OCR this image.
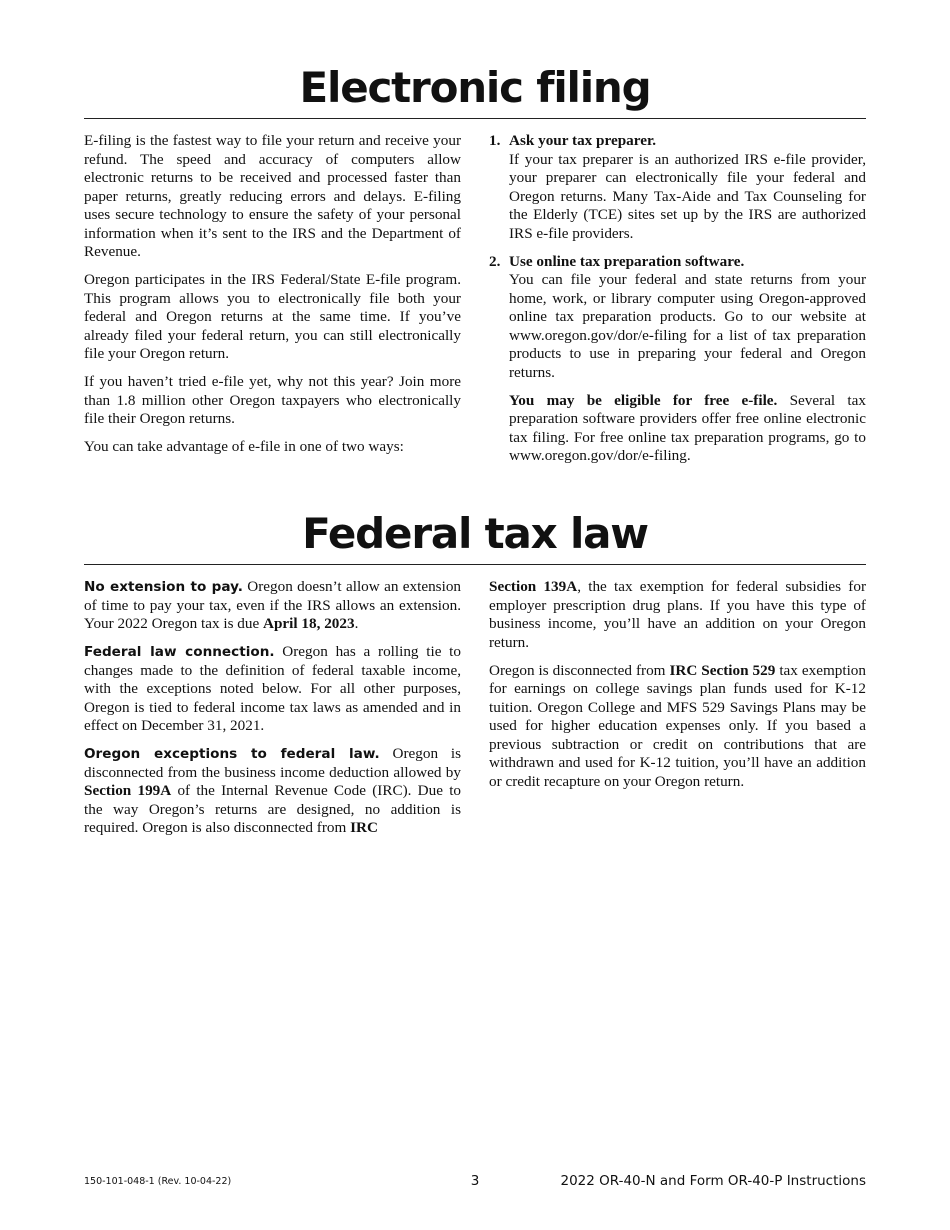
Electronic filing

E-filing is the fastest way to file your return and receive your refund. The speed and accuracy of computers allow electronic returns to be received and processed faster than paper returns, greatly reducing errors and delays. E-filing uses secure technology to ensure the safety of your personal information when it’s sent to the IRS and the Department of Revenue.

Oregon participates in the IRS Federal/State E-file program. This program allows you to electronically file both your federal and Oregon returns at the same time. If you’ve already filed your federal return, you can still electronically file your Oregon return.

If you haven’t tried e-file yet, why not this year? Join more than 1.8 million other Oregon taxpayers who electronically file their Oregon returns.

You can take advantage of e-file in one of two ways:

1. Ask your tax preparer.
If your tax preparer is an authorized IRS e-file provider, your preparer can electronically file your federal and Oregon returns. Many Tax-Aide and Tax Counseling for the Elderly (TCE) sites set up by the IRS are authorized IRS e-file providers.
2. Use online tax preparation software.
You can file your federal and state returns from your home, work, or library computer using Oregon-approved online tax preparation products. Go to our website at www.oregon.gov/dor/e-filing for a list of tax preparation products to use in preparing your federal and Oregon returns.

You may be eligible for free e-file. Several tax preparation software providers offer free online electronic tax filing. For free online tax preparation programs, go to www.oregon.gov/dor/e-filing.

Federal tax law

No extension to pay. Oregon doesn’t allow an extension of time to pay your tax, even if the IRS allows an extension. Your 2022 Oregon tax is due April 18, 2023.

Federal law connection. Oregon has a rolling tie to changes made to the definition of federal taxable income, with the exceptions noted below. For all other purposes, Oregon is tied to federal income tax laws as amended and in effect on December 31, 2021.

Oregon exceptions to federal law. Oregon is disconnected from the business income deduction allowed by Section 199A of the Internal Revenue Code (IRC). Due to the way Oregon’s returns are designed, no addition is required. Oregon is also disconnected from IRC

Section 139A, the tax exemption for federal subsidies for employer prescription drug plans. If you have this type of business income, you’ll have an addition on your Oregon return.

Oregon is disconnected from IRC Section 529 tax exemption for earnings on college savings plan funds used for K-12 tuition. Oregon College and MFS 529 Savings Plans may be used for higher education expenses only. If you based a previous subtraction or credit on contributions that are withdrawn and used for K-12 tuition, you’ll have an addition or credit recapture on your Oregon return.

150-101-048-1 (Rev. 10-04-22)	3	2022 OR-40-N and Form OR-40-P Instructions
